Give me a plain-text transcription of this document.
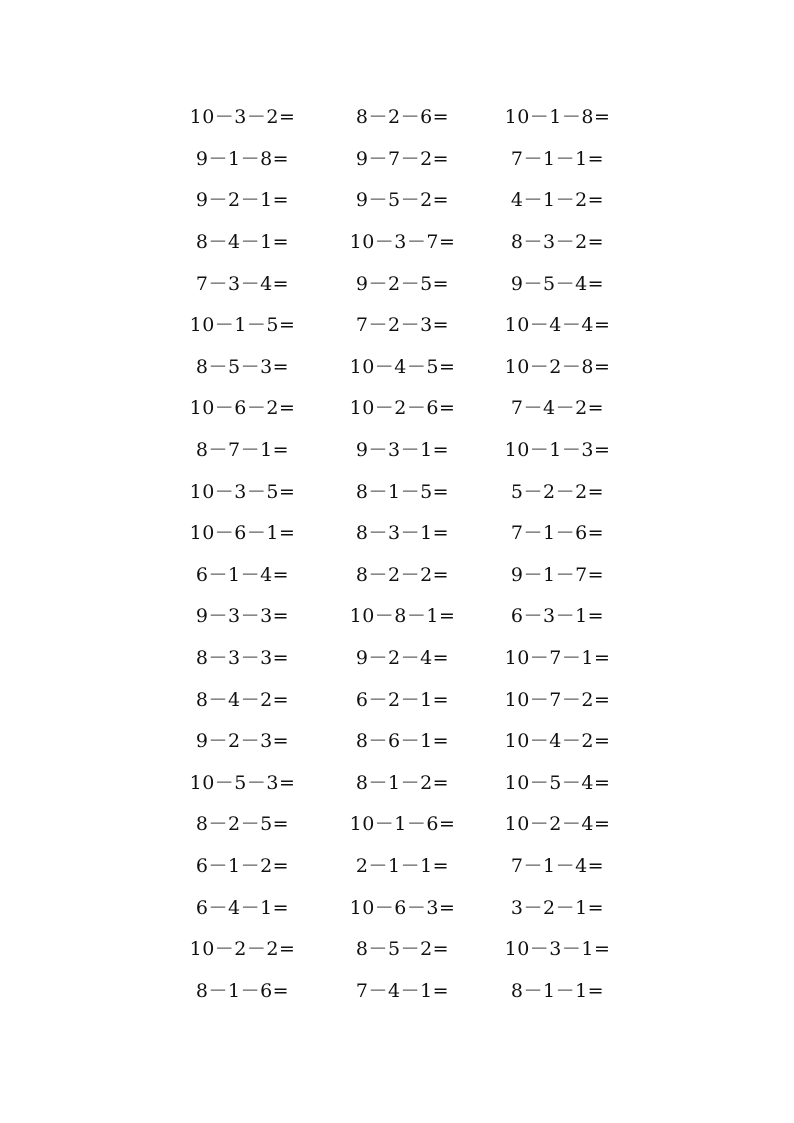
10－3－2=	8－2－6=	10－1－8=
9－1－8=	9－7－2=	7－1－1=
9－2－1=	9－5－2=	4－1－2=
8－4－1=	10－3－7=	8－3－2=
7－3－4=	9－2－5=	9－5－4=
10－1－5=	7－2－3=	10－4－4=
8－5－3=	10－4－5=	10－2－8=
10－6－2=	10－2－6=	7－4－2=
8－7－1=	9－3－1=	10－1－3=
10－3－5=	8－1－5=	5－2－2=
10－6－1=	8－3－1=	7－1－6=
6－1－4=	8－2－2=	9－1－7=
9－3－3=	10－8－1=	6－3－1=
8－3－3=	9－2－4=	10－7－1=
8－4－2=	6－2－1=	10－7－2=
9－2－3=	8－6－1=	10－4－2=
10－5－3=	8－1－2=	10－5－4=
8－2－5=	10－1－6=	10－2－4=
6－1－2=	2－1－1=	7－1－4=
6－4－1=	10－6－3=	3－2－1=
10－2－2=	8－5－2=	10－3－1=
8－1－6=	7－4－1=	8－1－1=
